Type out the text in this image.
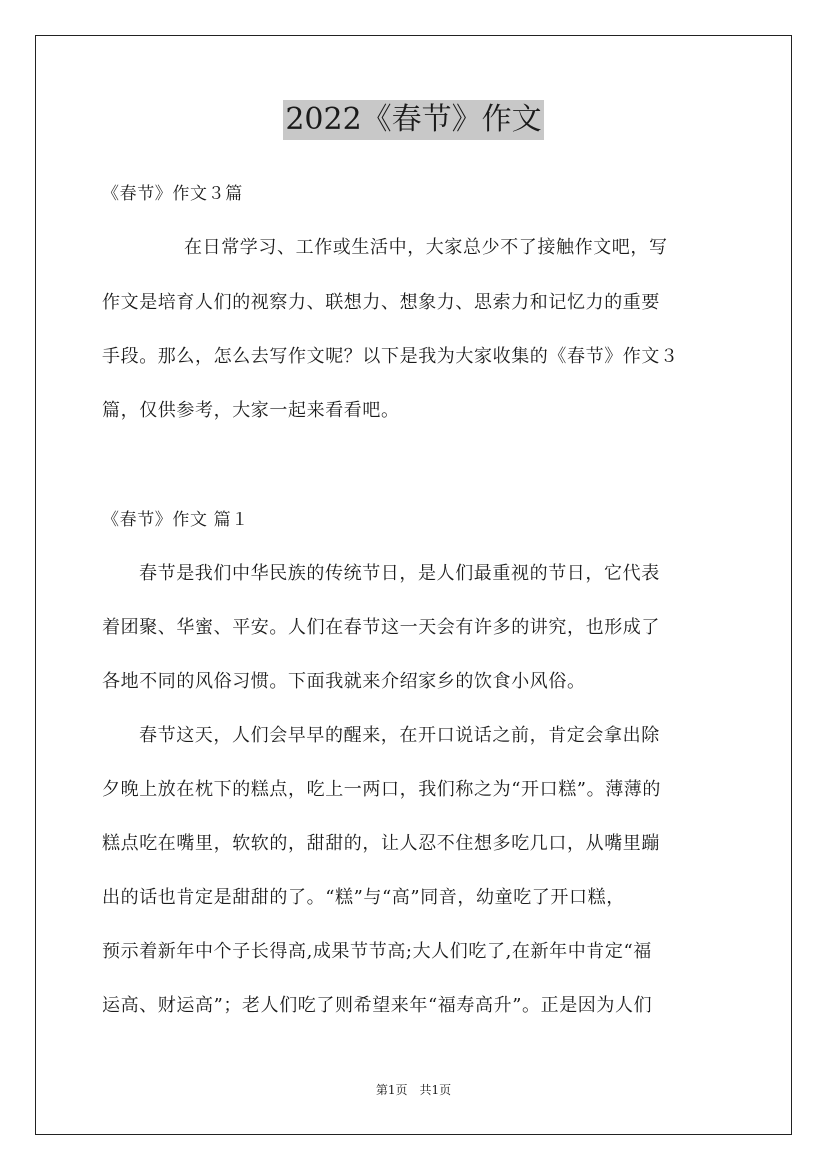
2022《春节》作文
《春节》作文３篇
在日常学习、工作或生活中，大家总少不了接触作文吧，写
作文是培育人们的视察力、联想力、想象力、思索力和记忆力的重要
手段。那么，怎么去写作文呢？以下是我为大家收集的《春节》作文３
篇，仅供参考，大家一起来看看吧。
《春节》作文 篇１
春节是我们中华民族的传统节日，是人们最重视的节日，它代表
着团聚、华蜜、平安。人们在春节这一天会有许多的讲究，也形成了
各地不同的风俗习惯。下面我就来介绍家乡的饮食小风俗。
春节这天，人们会早早的醒来，在开口说话之前，肯定会拿出除
夕晚上放在枕下的糕点，吃上一两口，我们称之为“开口糕”。薄薄的
糕点吃在嘴里，软软的，甜甜的，让人忍不住想多吃几口，从嘴里蹦
出的话也肯定是甜甜的了。“糕”与“高”同音，幼童吃了开口糕，
预示着新年中个子长得高,成果节节高;大人们吃了,在新年中肯定“福
运高、财运高”；老人们吃了则希望来年“福寿高升”。正是因为人们
第1页　共1页
